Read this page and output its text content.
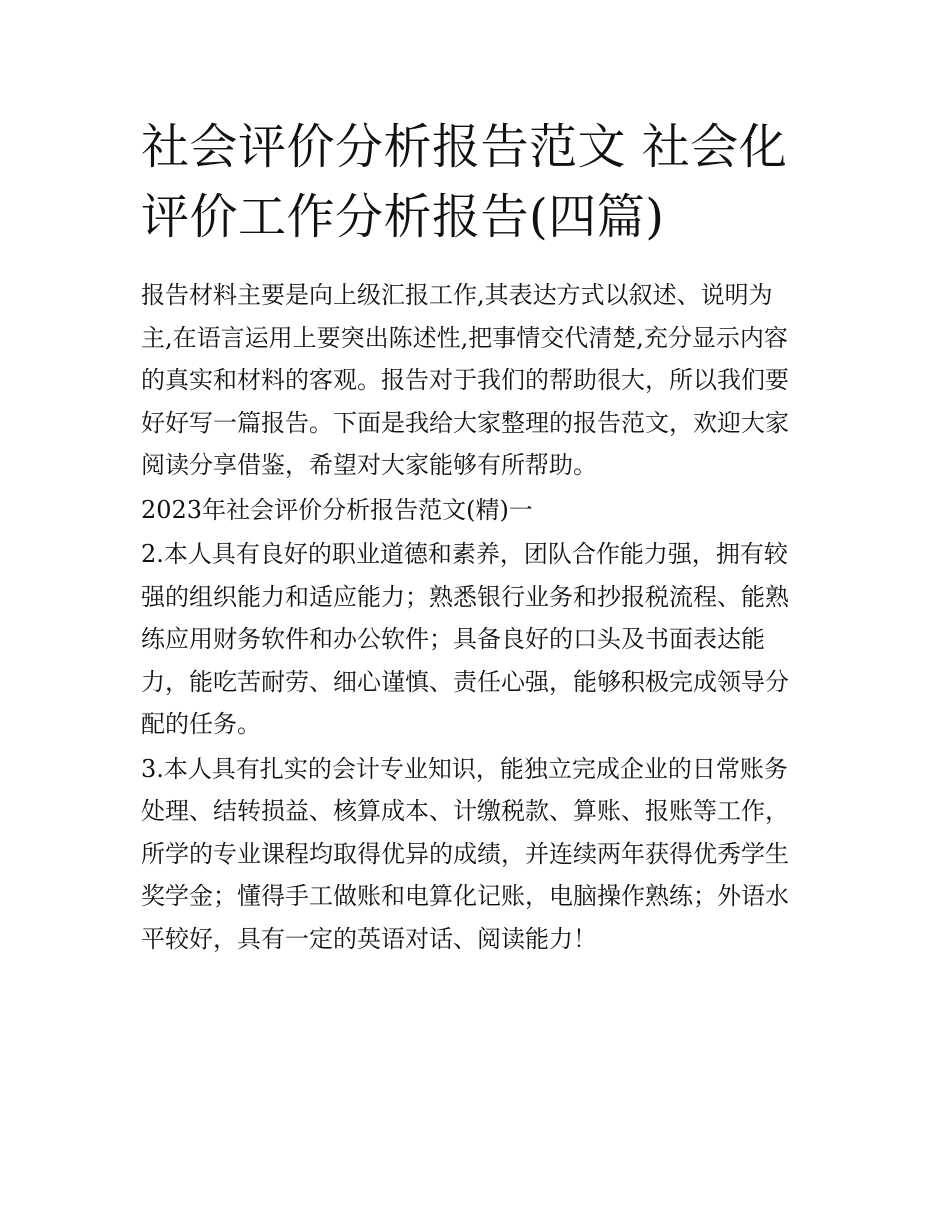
社会评价分析报告范文 社会化
评价工作分析报告(四篇)

报告材料主要是向上级汇报工作,其表达方式以叙述、说明为
主,在语言运用上要突出陈述性,把事情交代清楚,充分显示内容
的真实和材料的客观。报告对于我们的帮助很大，所以我们要
好好写一篇报告。下面是我给大家整理的报告范文，欢迎大家
阅读分享借鉴，希望对大家能够有所帮助。

2023年社会评价分析报告范文(精)一

2.本人具有良好的职业道德和素养，团队合作能力强，拥有较
强的组织能力和适应能力；熟悉银行业务和抄报税流程、能熟
练应用财务软件和办公软件；具备良好的口头及书面表达能
力，能吃苦耐劳、细心谨慎、责任心强，能够积极完成领导分
配的任务。

3.本人具有扎实的会计专业知识，能独立完成企业的日常账务
处理、结转损益、核算成本、计缴税款、算账、报账等工作，
所学的专业课程均取得优异的成绩，并连续两年获得优秀学生
奖学金；懂得手工做账和电算化记账，电脑操作熟练；外语水
平较好，具有一定的英语对话、阅读能力！
